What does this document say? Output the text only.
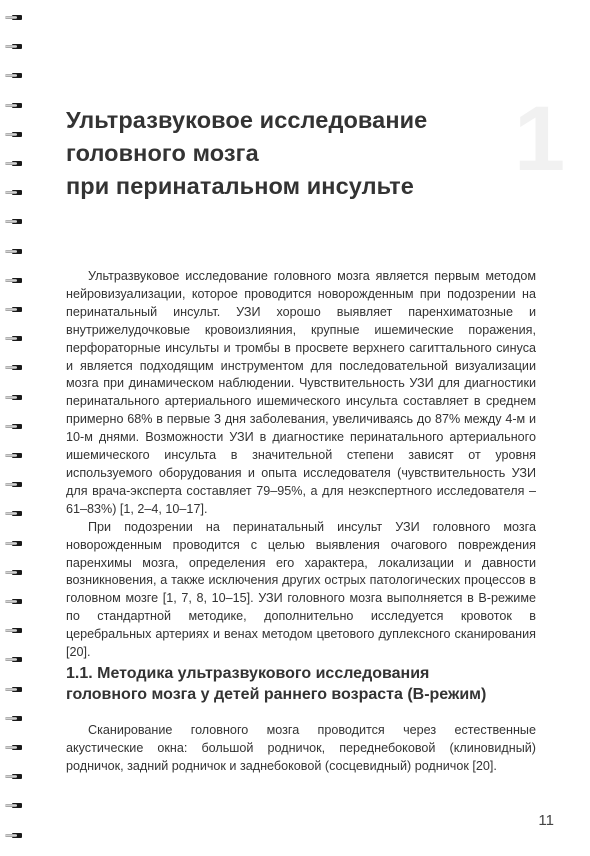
1
Ультразвуковое исследование
головного мозга
при перинатальном инсульте

Ультразвуковое исследование головного мозга является первым методом нейровизуализации, которое проводится новорожденным при подозрении на перинатальный инсульт. УЗИ хорошо выявляет паренхиматозные и внутрижелудочковые кровоизлияния, крупные ишемические поражения, перфораторные инсульты и тромбы в просвете верхнего сагиттального синуса и является подходящим инструментом для последовательной визуализации мозга при динамическом наблюдении. Чувствительность УЗИ для диагностики перинатального артериального ишемического инсульта составляет в среднем примерно 68% в первые 3 дня заболевания, увеличиваясь до 87% между 4-м и 10-м днями. Возможности УЗИ в диагностике перинатального артериального ишемического инсульта в значительной степени зависят от уровня используемого оборудования и опыта исследователя (чувствительность УЗИ для врача-эксперта составляет 79–95%, а для неэкспертного исследователя – 61–83%) [1, 2–4, 10–17].

При подозрении на перинатальный инсульт УЗИ головного мозга новорожденным проводится с целью выявления очагового повреждения паренхимы мозга, определения его характера, локализации и давности возникновения, а также исключения других острых патологических процессов в головном мозге [1, 7, 8, 10–15]. УЗИ головного мозга выполняется в В-режиме по стандартной методике, дополнительно исследуется кровоток в церебральных артериях и венах методом цветового дуплексного сканирования [20].

1.1. Методика ультразвукового исследования
головного мозга у детей раннего возраста (В-режим)

Сканирование головного мозга проводится через естественные акустические окна: большой родничок, переднебоковой (клиновидный) родничок, задний родничок и заднебоковой (сосцевидный) родничок [20].

11
